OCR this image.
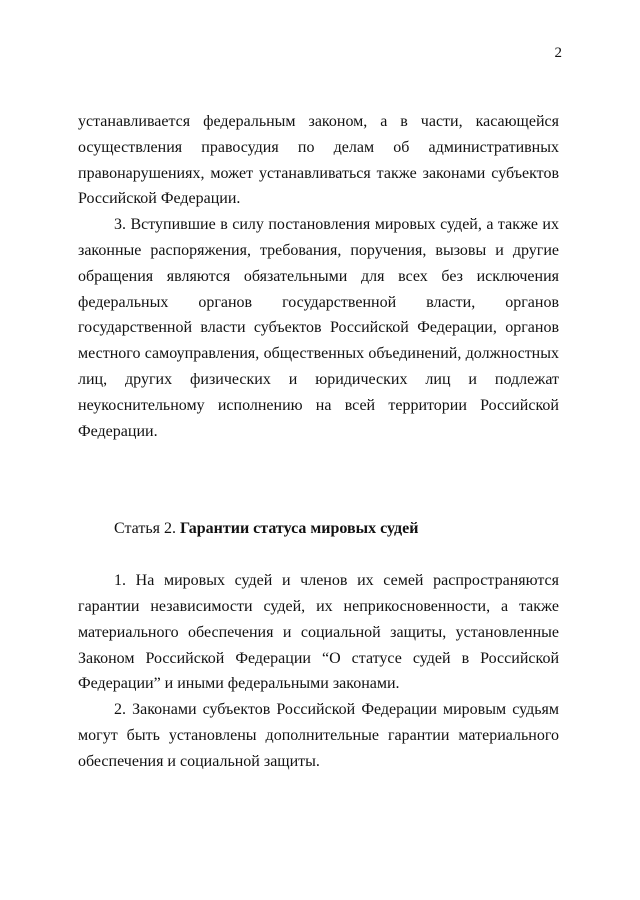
2

устанавливается федеральным законом, а в части, касающейся осуществления правосудия по делам об административных правонарушениях, может устанавливаться также законами субъектов Российской Федерации.

3. Вступившие в силу постановления мировых судей, а также их законные распоряжения, требования, поручения, вызовы и другие обращения являются обязательными для всех без исключения федеральных органов государственной власти, органов государственной власти субъектов Российской Федерации, органов местного самоуправления, общественных объединений, должностных лиц, других физических и юридических лиц и подлежат неукоснительному исполнению на всей территории Российской Федерации.

Статья 2. Гарантии статуса мировых судей

1. На мировых судей и членов их семей распространяются гарантии независимости судей, их неприкосновенности, а также материального обеспечения и социальной защиты, установленные Законом Российской Федерации “О статусе судей в Российской Федерации” и иными федеральными законами.

2. Законами субъектов Российской Федерации мировым судьям могут быть установлены дополнительные гарантии материального обеспечения и социальной защиты.
